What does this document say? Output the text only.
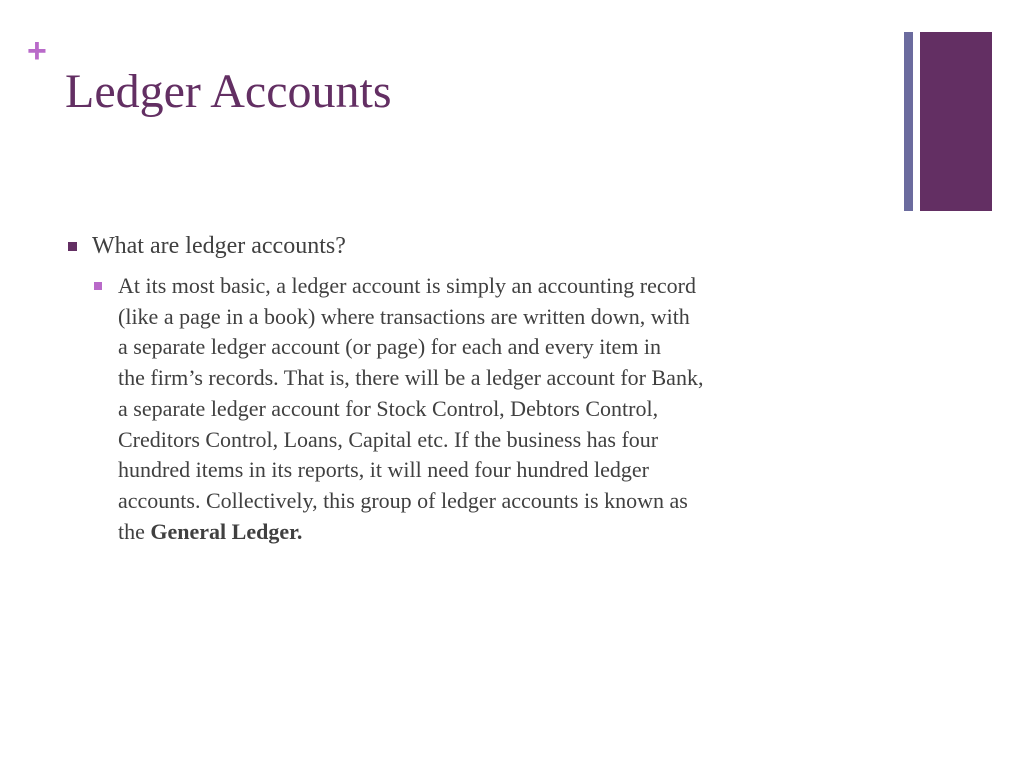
+
Ledger Accounts
What are ledger accounts?
At its most basic, a ledger account is simply an accounting record
(like a page in a book) where transactions are written down, with
a separate ledger account (or page) for each and every item in
the firm’s records. That is, there will be a ledger account for Bank,
a separate ledger account for Stock Control, Debtors Control,
Creditors Control, Loans, Capital etc. If the business has four
hundred items in its reports, it will need four hundred ledger
accounts. Collectively, this group of ledger accounts is known as
the General Ledger.
